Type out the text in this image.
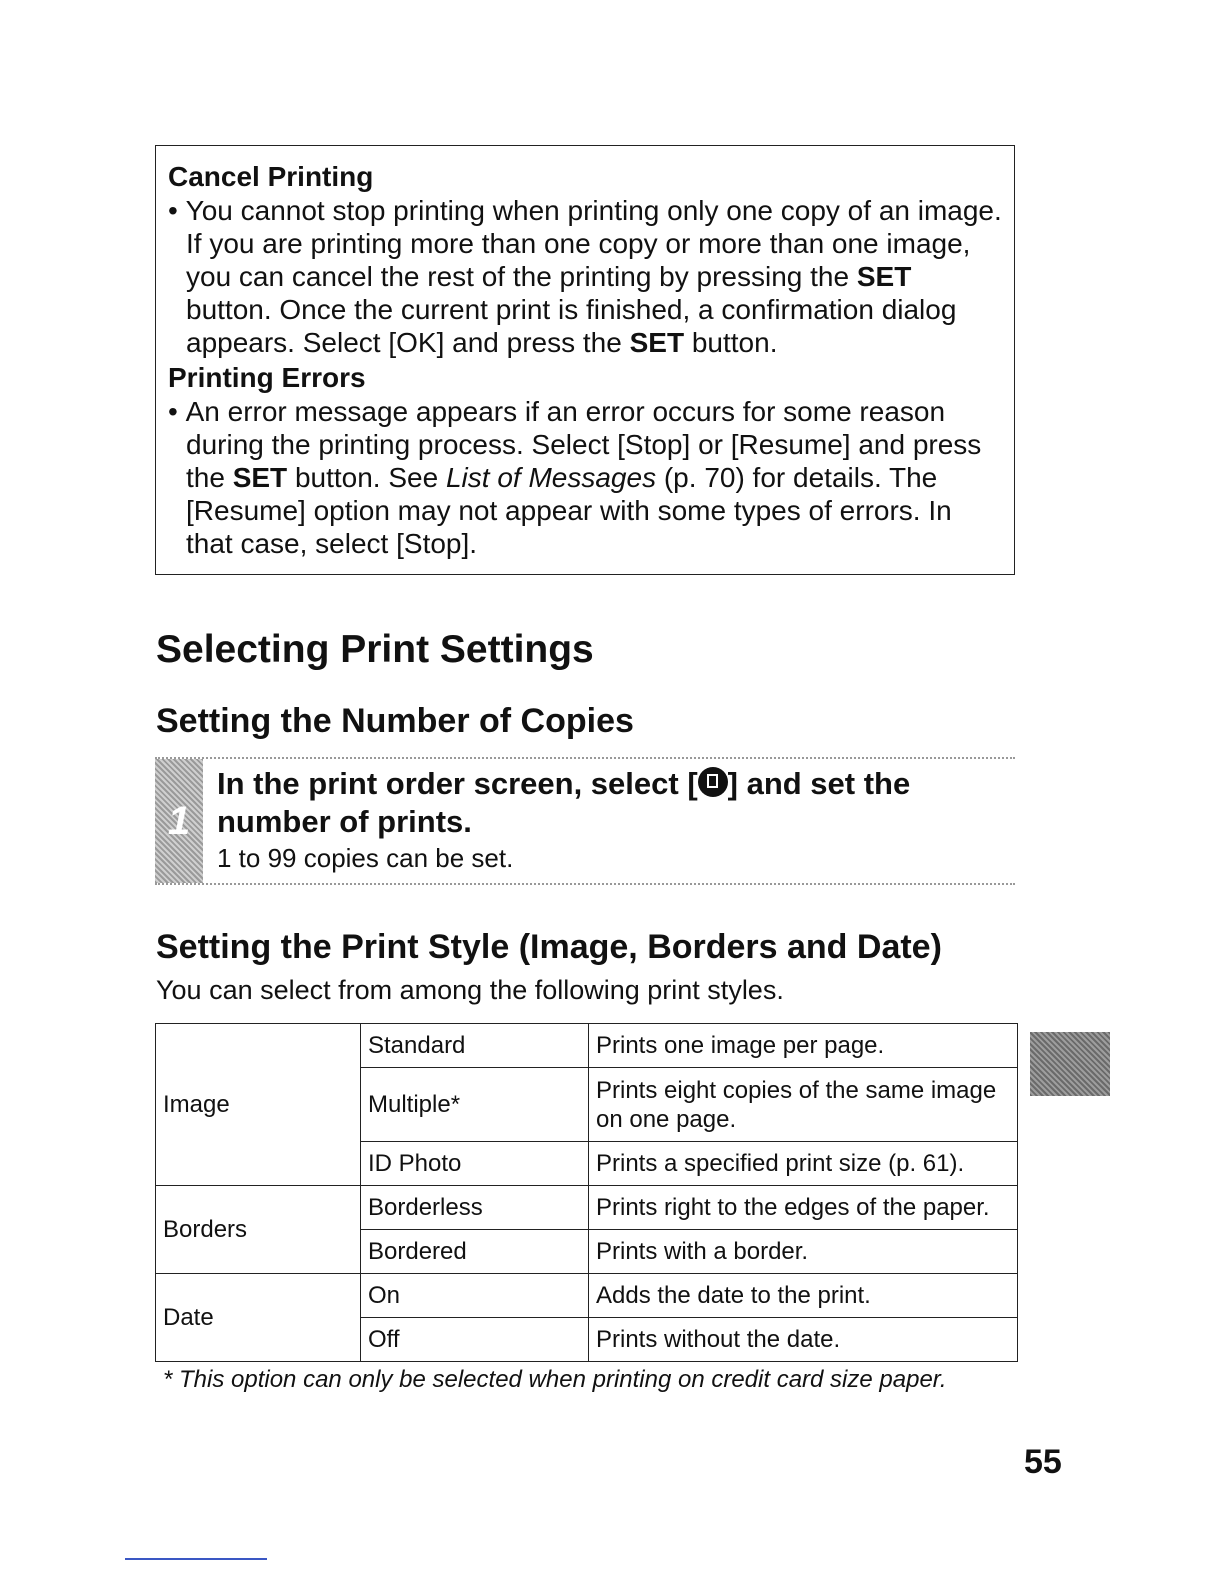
Cancel Printing

• You cannot stop printing when printing only one copy of an image. If you are printing more than one copy or more than one image, you can cancel the rest of the printing by pressing the SET button. Once the current print is finished, a confirmation dialog appears. Select [OK] and press the SET button.

Printing Errors

• An error message appears if an error occurs for some reason during the printing process. Select [Stop] or [Resume] and press the SET button. See List of Messages (p. 70) for details. The [Resume] option may not appear with some types of errors. In that case, select [Stop].

Selecting Print Settings
Setting the Number of Copies
1
In the print order screen, select [ ] and set the number of prints.
1 to 99 copies can be set.
Setting the Print Style (Image, Borders and Date)

You can select from among the following print styles.

Image	Standard	Prints one image per page.
	Multiple*	Prints eight copies of the same image on one page.
	ID Photo	Prints a specified print size (p. 61).
Borders	Borderless	Prints right to the edges of the paper.
	Bordered	Prints with a border.
Date	On	Adds the date to the print.
	Off	Prints without the date.

* This option can only be selected when printing on credit card size paper.

55
